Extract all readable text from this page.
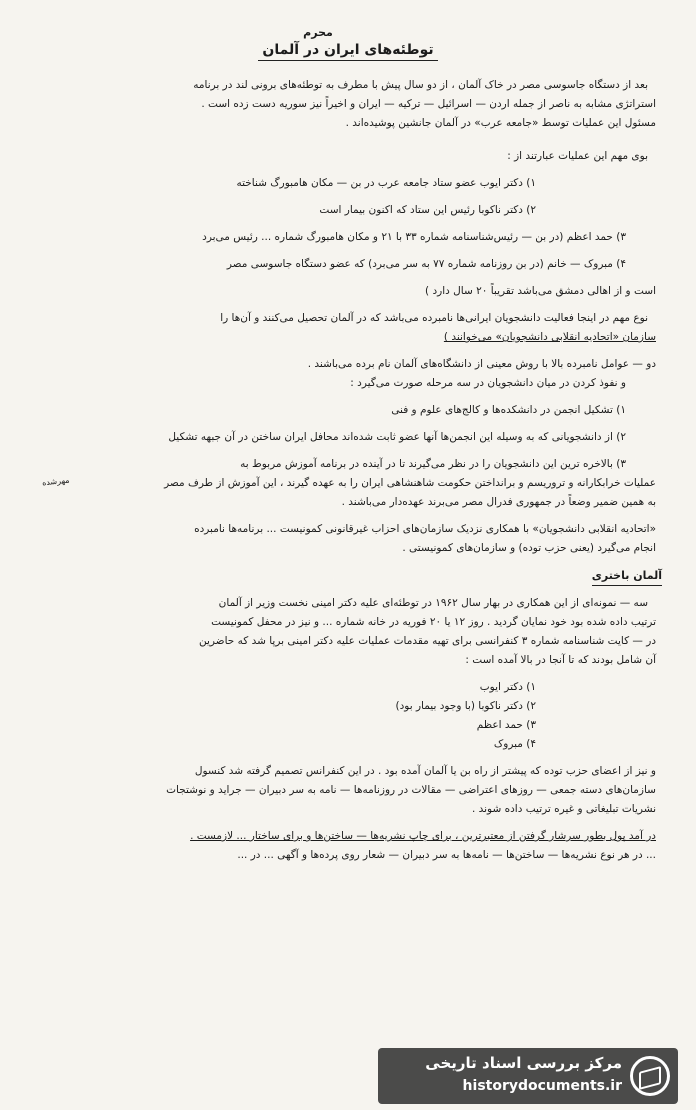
محرم
توطئه‌های ایران در آلمان
مهرشده

بعد از دستگاه جاسوسی مصر در خاک آلمان ، از دو سال پیش با مطرف به توطئه‌های برونی لند در برنامه

استراتژی مشابه به ناصر از جمله اردن — اسرائیل — ترکیه — ایران و اخیراً نیز سوریه دست زده است .

مسئول این عملیات توسط «جامعه عرب» در آلمان جانشین پوشیده‌اند .

بوی مهم این عملیات عبارتند از :

۱) دکتر ایوب عضو ستاد جامعه عرب در بن — مکان هامبورگ شناخته

۲) دکتر ناکوبا رئیس این ستاد که اکنون بیمار است

۳) حمد اعظم (در بن — رئیس‌شناسنامه شماره ۳۳ با ۲۱ و مکان هامبورگ شماره ... رئیس می‌برد

۴) مبروک — خانم (در بن روزنامه شماره ۷۷ به سر می‌برد) که عضو دستگاه جاسوسی مصر

است و از اهالی دمشق می‌باشد تقریباً ۲۰ سال دارد )

نوع مهم در اینجا فعالیت دانشجویان ایرانی‌ها نامبرده می‌باشد که در آلمان تحصیل می‌کنند و آن‌ها را

سازمان «اتحادیه انقلابی دانشجویان» می‌خوانند )

دو — عوامل نامبرده بالا با روش معینی از دانشگاه‌های آلمان نام برده می‌باشند .

و نفوذ کردن در میان دانشجویان در سه مرحله صورت می‌گیرد :

۱) تشکیل انجمن در دانشکده‌ها و کالج‌های علوم و فنی

۲) از دانشجویانی که به وسیله این انجمن‌ها آنها عضو ثابت شده‌اند محافل ایران ساختن در آن جبهه تشکیل

۳) بالاخره ترین این دانشجویان را در نظر می‌گیرند تا در آینده در برنامه آموزش مربوط به

عملیات خرابکارانه و تروریسم و برانداختن حکومت شاهنشاهی ایران را به عهده گیرند ، این آموزش از طرف مصر

به همین ضمیر وضعاً در جمهوری فدرال مصر می‌برند عهده‌دار می‌باشند .

«اتحادیه انقلابی دانشجویان» با همکاری نزدیک سازمان‌های احزاب غیرقانونی کمونیست ... برنامه‌ها نامبرده

انجام می‌گیرد (یعنی حزب توده) و سازمان‌های کمونیستی .

آلمان باختری

سه — نمونه‌ای از این همکاری در بهار سال ۱۹۶۲ در توطئه‌ای علیه دکتر امینی نخست وزیر از آلمان

ترتیب داده شده بود خود نمایان گردید . روز ۱۲ یا ۲۰ فوریه در خانه شماره ... و نیز در محفل کمونیست

در — کایت شناسنامه شماره ۳ کنفرانسی برای تهیه مقدمات عملیات علیه دکتر امینی برپا شد که حاضرین

آن شامل بودند که تا آنجا در بالا آمده است :

۱) دکتر ایوب

۲) دکتر ناکوبا (با وجود بیمار بود)

۳) حمد اعظم

۴) مبروک

و نیز از اعضای حزب توده که پیشتر از راه بن یا آلمان آمده بود . در این کنفرانس تصمیم گرفته شد کنسول

سازمان‌های دسته جمعی — روزهای اعتراضی — مقالات در روزنامه‌ها — نامه به سر دبیران — جراید و نوشتجات

نشریات تبلیغاتی و غیره ترتیب داده شوند .

در آمد پول بطور سرشار گرفتن از معتبرترین ، برای چاپ نشریه‌ها — ساختن‌ها و برای ساختار ... لازمست .

... در هر نوع نشریه‌ها — ساختن‌ها — نامه‌ها به سر دبیران — شعار روی پرده‌ها و آگهی ... در ...

مرکز بررسی اسناد تاریخی
historydocuments.ir
